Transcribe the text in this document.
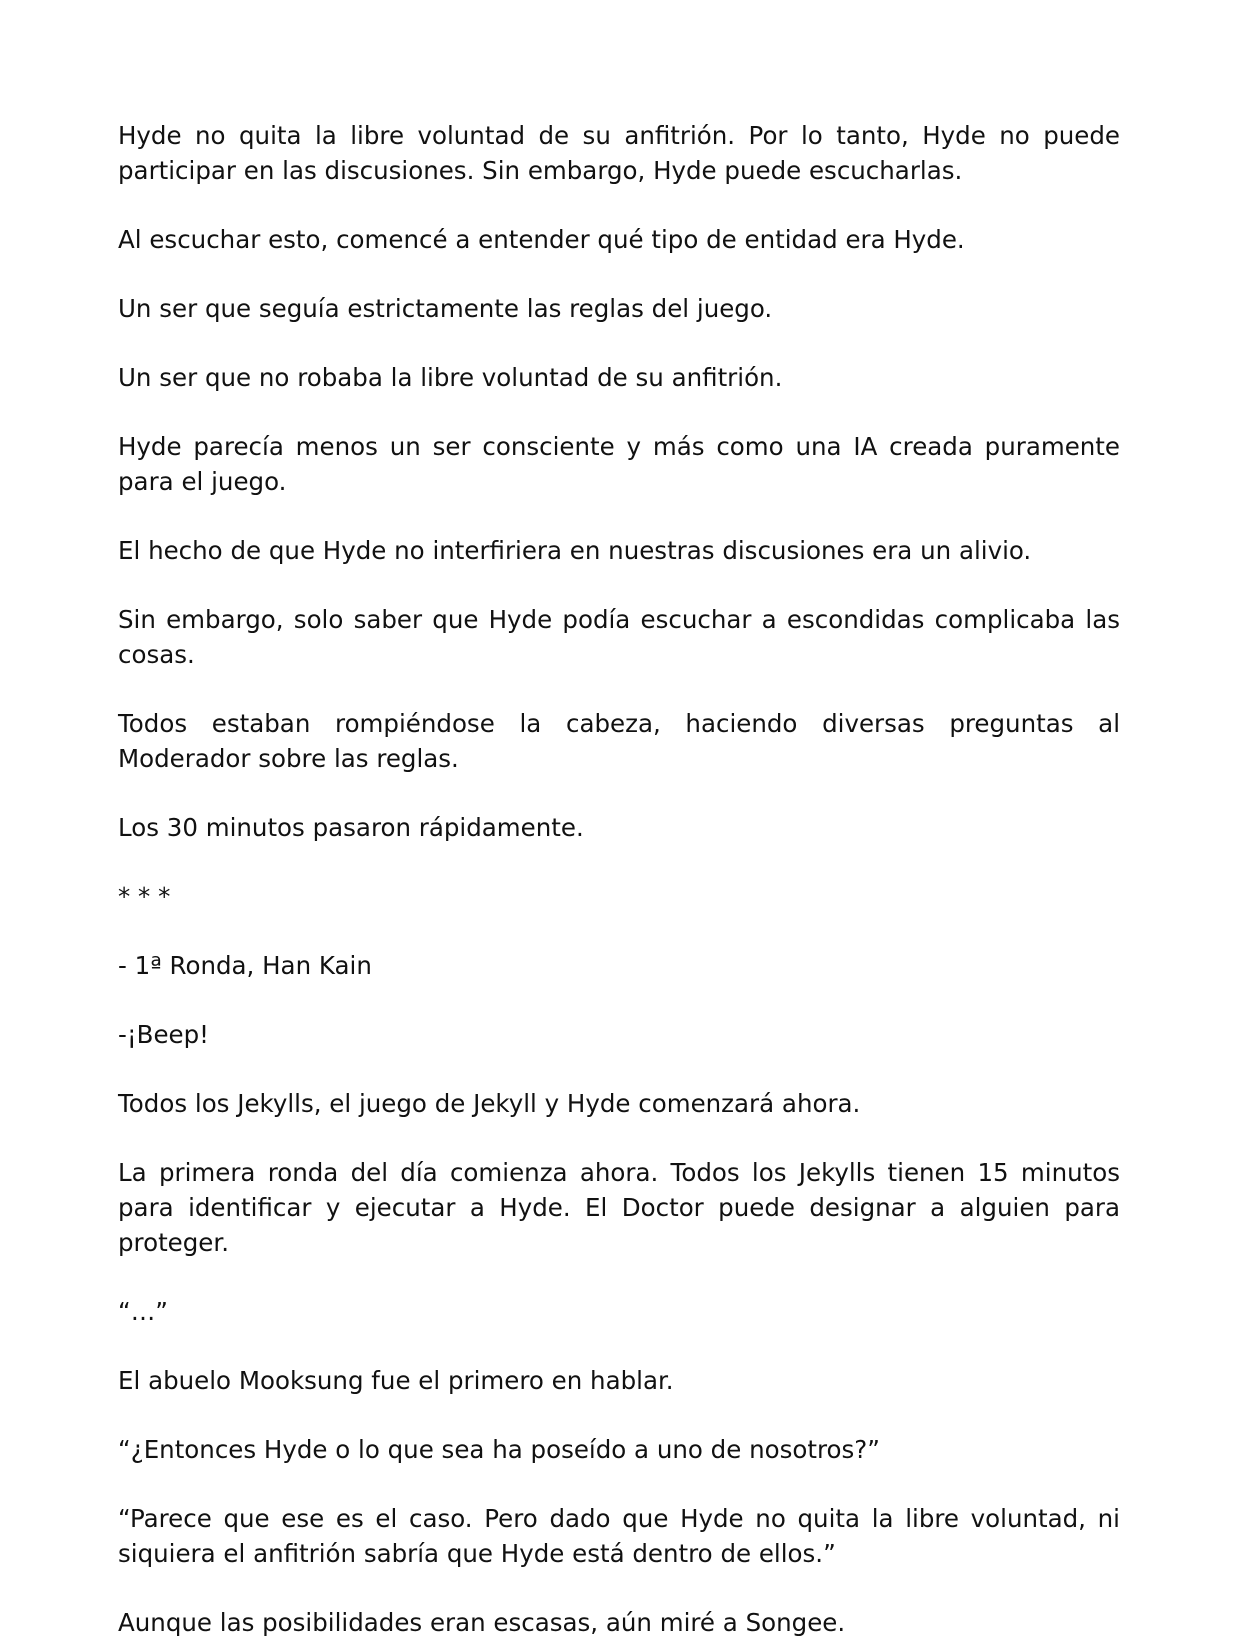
Hyde no quita la libre voluntad de su anfitrión. Por lo tanto, Hyde no puede participar en las discusiones. Sin embargo, Hyde puede escucharlas.

Al escuchar esto, comencé a entender qué tipo de entidad era Hyde.

Un ser que seguía estrictamente las reglas del juego.

Un ser que no robaba la libre voluntad de su anfitrión.

Hyde parecía menos un ser consciente y más como una IA creada puramente para el juego.

El hecho de que Hyde no interfiriera en nuestras discusiones era un alivio.

Sin embargo, solo saber que Hyde podía escuchar a escondidas complicaba las cosas.

Todos estaban rompiéndose la cabeza, haciendo diversas preguntas al Moderador sobre las reglas.

Los 30 minutos pasaron rápidamente.

* * *

- 1ª Ronda, Han Kain

-¡Beep!

Todos los Jekylls, el juego de Jekyll y Hyde comenzará ahora.

La primera ronda del día comienza ahora. Todos los Jekylls tienen 15 minutos para identificar y ejecutar a Hyde. El Doctor puede designar a alguien para proteger.

“…”

El abuelo Mooksung fue el primero en hablar.

“¿Entonces Hyde o lo que sea ha poseído a uno de nosotros?”

“Parece que ese es el caso. Pero dado que Hyde no quita la libre voluntad, ni siquiera el anfitrión sabría que Hyde está dentro de ellos.”

Aunque las posibilidades eran escasas, aún miré a Songee.
